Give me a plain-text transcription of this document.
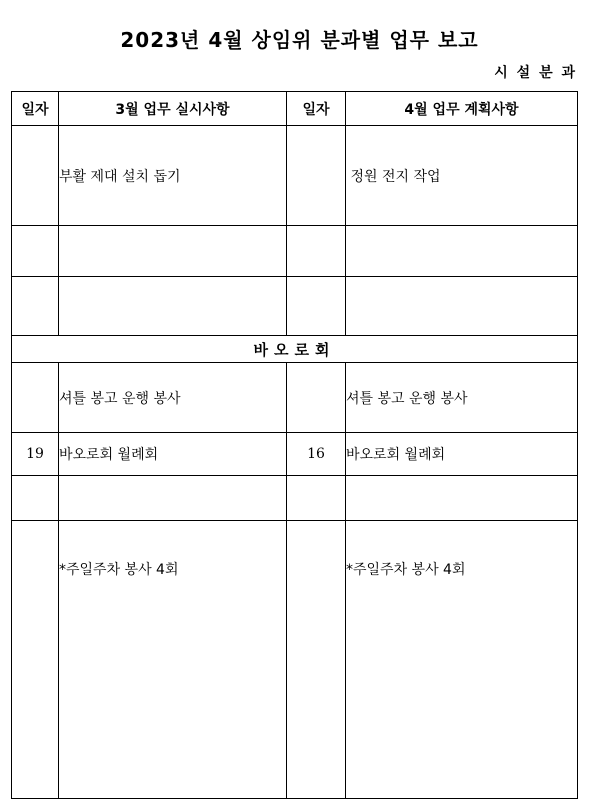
2023년 4월 상임위 분과별 업무 보고
시 설 분 과
일자	3월 업무 실시사항	일자	4월 업무 계획사항

	부활 제대 설치 돕기		정원 전지 작업

바오로회			
	셔틀 봉고 운행 봉사		셔틀 봉고 운행 봉사
19	바오로회 월례회	16	바오로회 월례회

	*주일주차 봉사 4회		*주일주차 봉사 4회
